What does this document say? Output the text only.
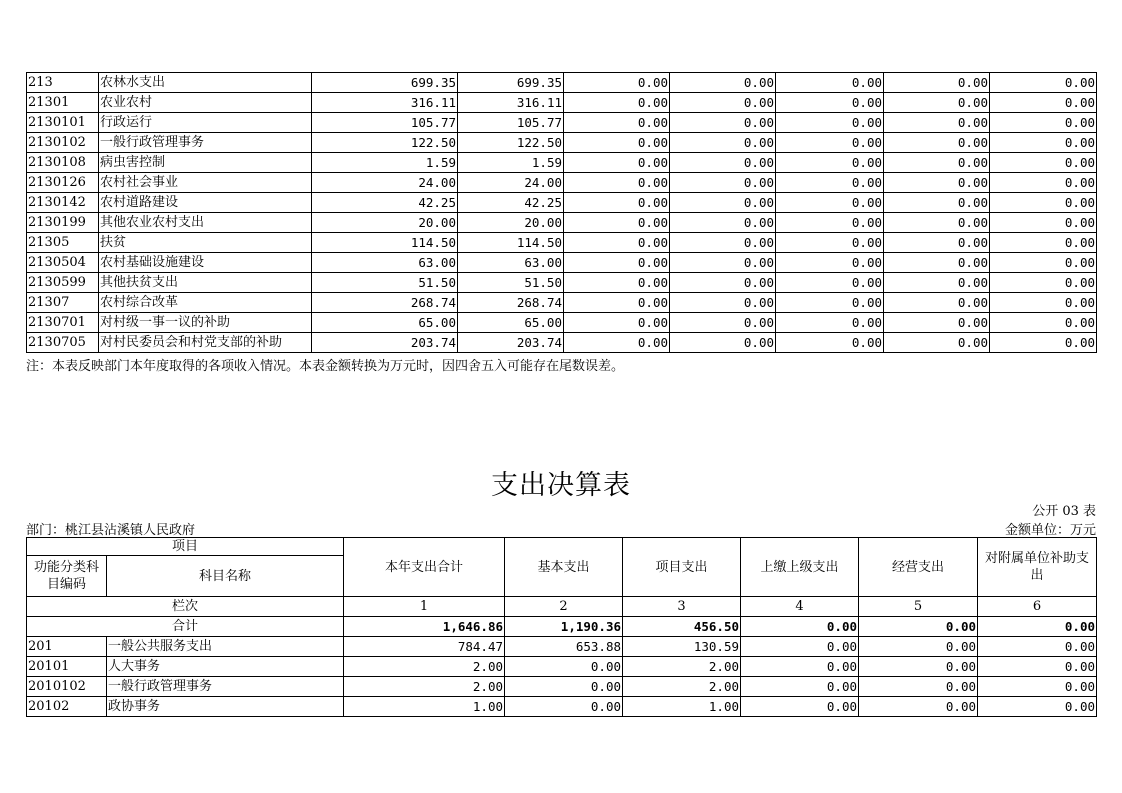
213	农林水支出	699.35	699.35	0.00	0.00	0.00	0.00	0.00
21301	农业农村	316.11	316.11	0.00	0.00	0.00	0.00	0.00
2130101	行政运行	105.77	105.77	0.00	0.00	0.00	0.00	0.00
2130102	一般行政管理事务	122.50	122.50	0.00	0.00	0.00	0.00	0.00
2130108	病虫害控制	1.59	1.59	0.00	0.00	0.00	0.00	0.00
2130126	农村社会事业	24.00	24.00	0.00	0.00	0.00	0.00	0.00
2130142	农村道路建设	42.25	42.25	0.00	0.00	0.00	0.00	0.00
2130199	其他农业农村支出	20.00	20.00	0.00	0.00	0.00	0.00	0.00
21305	扶贫	114.50	114.50	0.00	0.00	0.00	0.00	0.00
2130504	农村基础设施建设	63.00	63.00	0.00	0.00	0.00	0.00	0.00
2130599	其他扶贫支出	51.50	51.50	0.00	0.00	0.00	0.00	0.00
21307	农村综合改革	268.74	268.74	0.00	0.00	0.00	0.00	0.00
2130701	对村级一事一议的补助	65.00	65.00	0.00	0.00	0.00	0.00	0.00
2130705	对村民委员会和村党支部的补助	203.74	203.74	0.00	0.00	0.00	0.00	0.00
注：本表反映部门本年度取得的各项收入情况。本表金额转换为万元时，因四舍五入可能存在尾数误差。
支出决算表
公开 03 表
部门：桃江县沾溪镇人民政府	金额单位：万元
项目		本年支出合计	基本支出	项目支出	上缴上级支出	经营支出	对附属单位补助支出
功能分类科目编码	科目名称						
栏次		1	2	3	4	5	6
合计		1,646.86	1,190.36	456.50	0.00	0.00	0.00
201	一般公共服务支出	784.47	653.88	130.59	0.00	0.00	0.00
20101	人大事务	2.00	0.00	2.00	0.00	0.00	0.00
2010102	一般行政管理事务	2.00	0.00	2.00	0.00	0.00	0.00
20102	政协事务	1.00	0.00	1.00	0.00	0.00	0.00
